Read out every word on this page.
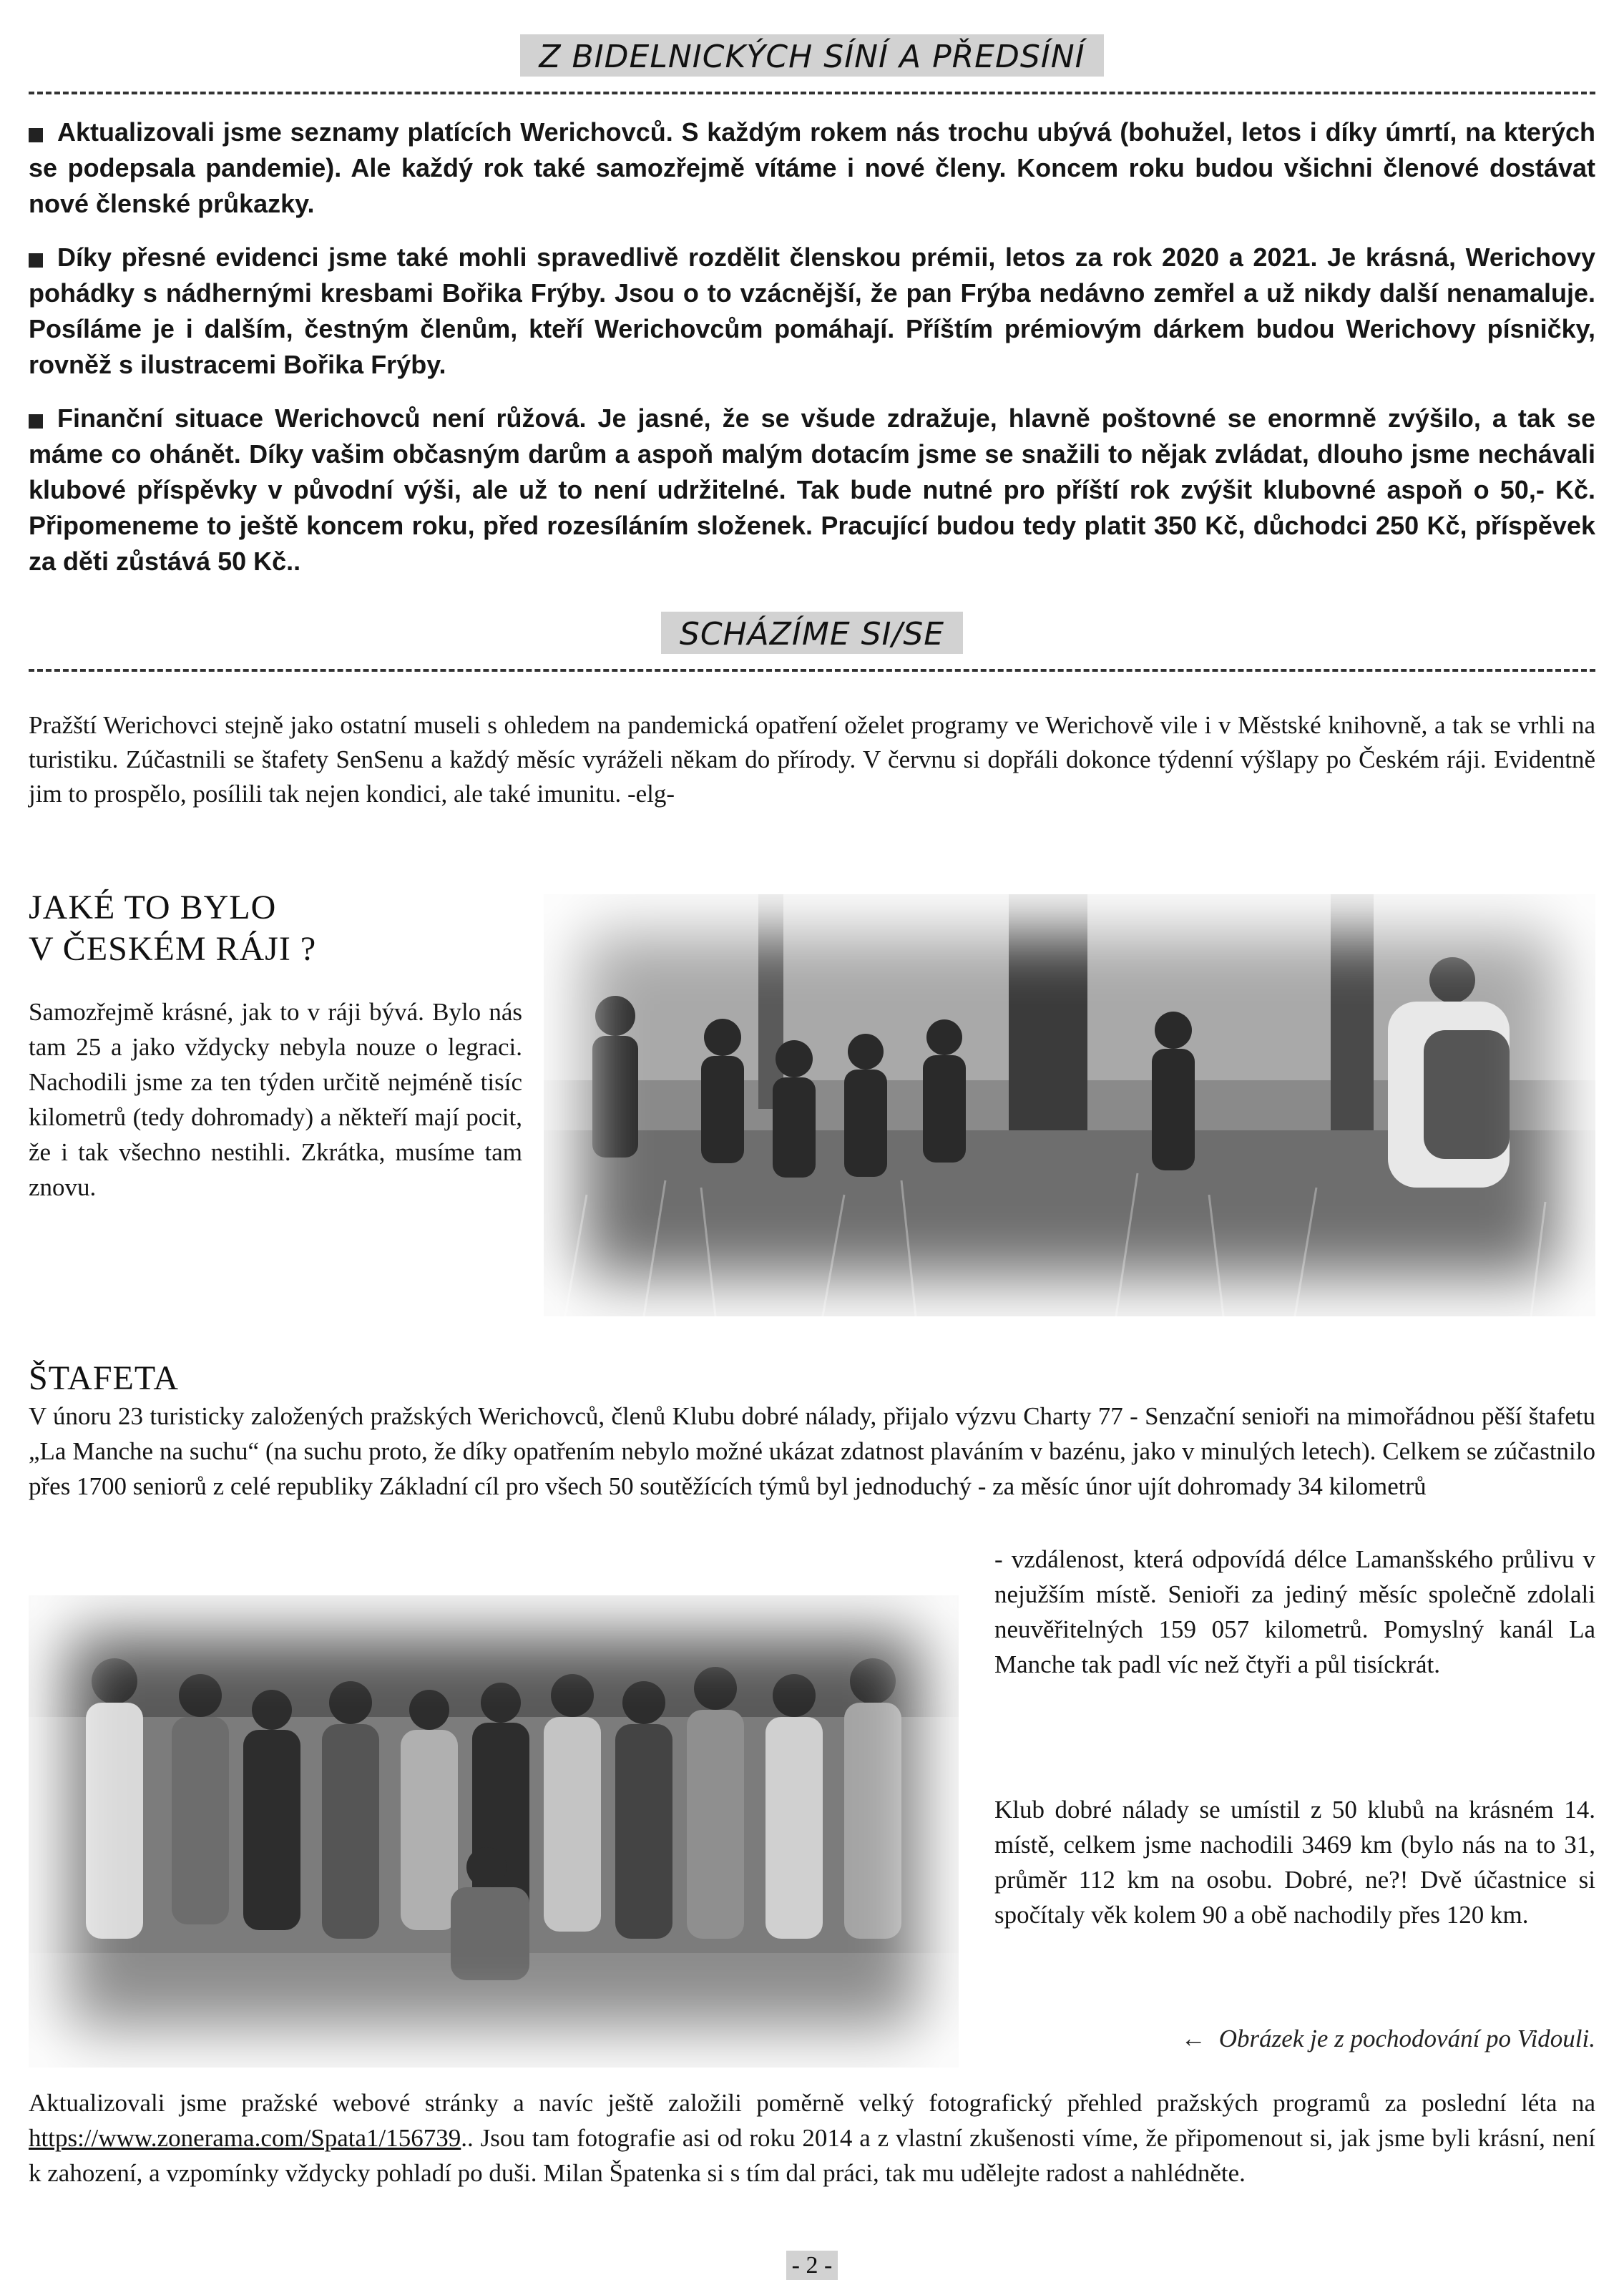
Z BIDELNICKÝCH SÍNÍ A PŘEDSÍNÍ
Aktualizovali jsme seznamy platících Werichovců. S každým rokem nás trochu ubývá (bohužel, letos i díky úmrtí, na kterých se podepsala pandemie). Ale každý rok také samozřejmě vítáme i nové členy. Koncem roku budou všichni členové dostávat nové členské průkazky.
Díky přesné evidenci jsme také mohli spravedlivě rozdělit členskou prémii, letos za rok 2020 a 2021. Je krásná, Werichovy pohádky s nádhernými kresbami Bořika Frýby. Jsou o to vzácnější, že pan Frýba nedávno zemřel a už nikdy další nenamaluje. Posíláme je i dalším, čestným členům, kteří Werichovcům pomáhají. Příštím prémiovým dárkem budou Werichovy písničky, rovněž s ilustracemi Bořika Frýby.
Finanční situace Werichovců není růžová. Je jasné, že se všude zdražuje, hlavně poštovné se enormně zvýšilo, a tak se máme co ohánět. Díky vašim občasným darům a aspoň malým dotacím jsme se snažili to nějak zvládat, dlouho jsme nechávali klubové příspěvky v původní výši, ale už to není udržitelné. Tak bude nutné pro příští rok zvýšit klubovné aspoň o 50,- Kč. Připomeneme to ještě koncem roku, před rozesíláním složenek. Pracující budou tedy platit 350 Kč, důchodci 250 Kč, příspěvek za děti zůstává 50 Kč..
SCHÁZÍME SI/SE
Pražští Werichovci stejně jako ostatní museli s ohledem na pandemická opatření oželet programy ve Werichově vile i v Městské knihovně, a tak se vrhli na turistiku. Zúčastnili se štafety SenSenu a každý měsíc vyráželi někam do přírody. V červnu si dopřáli dokonce týdenní výšlapy po Českém ráji. Evidentně jim to prospělo, posílili tak nejen kondici, ale také imunitu. -elg-
JAKÉ TO BYLO
V ČESKÉM RÁJI ?
Samozřejmě krásné, jak to v ráji bývá. Bylo nás tam 25 a jako vždycky nebyla nouze o legraci. Nachodili jsme za ten týden určitě nejméně tisíc kilometrů (tedy dohromady) a někteří mají pocit, že i tak všechno nestihli. Zkrátka, musíme tam znovu.
ŠTAFETA
V únoru 23 turisticky založených pražských Werichovců, členů Klubu dobré nálady, přijalo výzvu Charty 77 - Senzační senioři na mimořádnou pěší štafetu „La Manche na suchu“ (na suchu proto, že díky opatřením nebylo možné ukázat zdatnost plaváním v bazénu, jako v minulých letech). Celkem se zúčastnilo přes 1700 seniorů z celé republiky Základní cíl pro všech 50 soutěžících týmů byl jednoduchý - za měsíc únor ujít dohromady 34 kilometrů
- vzdálenost, která odpovídá délce Lamanšského průlivu v nejužším místě. Senioři za jediný měsíc společně zdolali neuvěřitelných 159 057 kilometrů. Pomyslný kanál La Manche tak padl víc než čtyři a půl tisíckrát.
Klub dobré nálady se umístil z 50 klubů na krásném 14. místě, celkem jsme nachodili 3469 km (bylo nás na to 31, průměr 112 km na osobu. Dobré, ne?! Dvě účastnice si spočítaly věk kolem 90 a obě nachodily přes 120 km.
← Obrázek je z pochodování po Vidouli.
Aktualizovali jsme pražské webové stránky a navíc ještě založili poměrně velký fotografický přehled pražských programů za poslední léta na https://www.zonerama.com/Spata1/156739.. Jsou tam fotografie asi od roku 2014 a z vlastní zkušenosti víme, že připomenout si, jak jsme byli krásní, není k zahození, a vzpomínky vždycky pohladí po duši. Milan Špatenka si s tím dal práci, tak mu udělejte radost a nahlédněte.
- 2 -
